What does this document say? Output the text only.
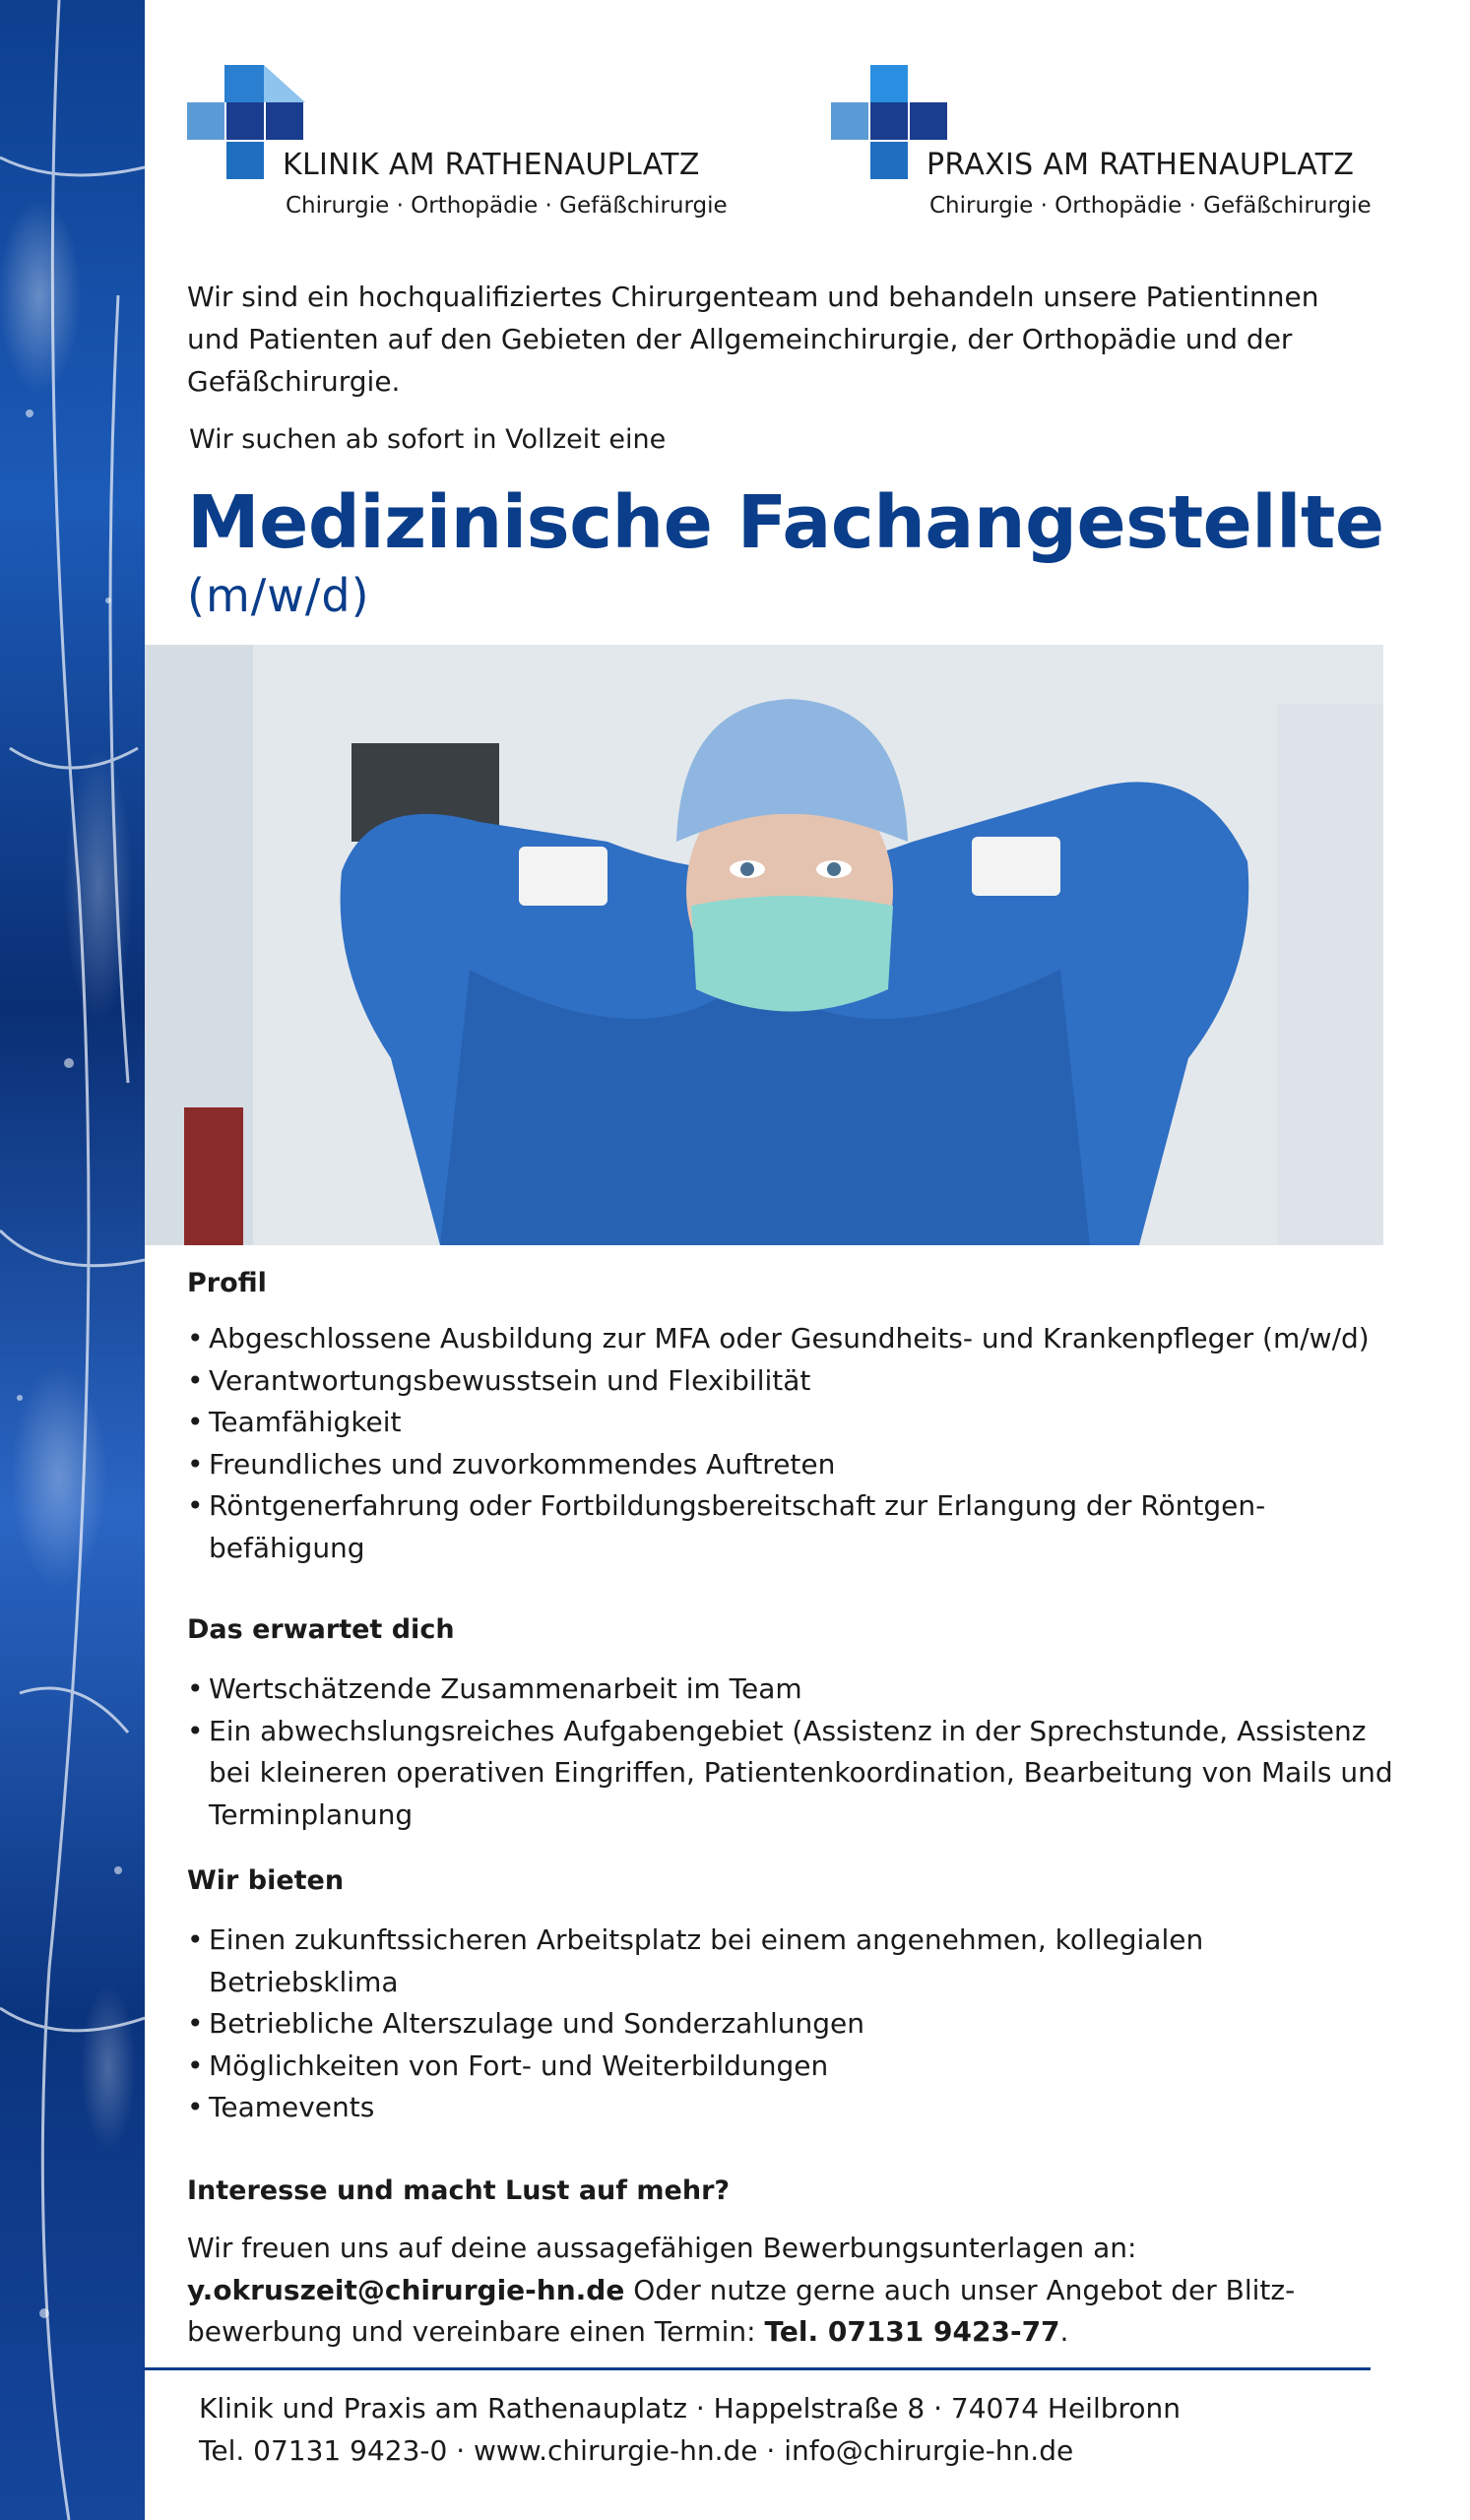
KLINIK AM RATHENAUPLATZ
Chirurgie · Orthopädie · Gefäßchirurgie
PRAXIS AM RATHENAUPLATZ
Chirurgie · Orthopädie · Gefäßchirurgie

Wir sind ein hochqualifiziertes Chirurgenteam und behandeln unsere Patientinnen und Patienten auf den Gebieten der Allgemeinchirurgie, der Orthopädie und der Gefäßchirurgie.

Wir suchen ab sofort in Vollzeit eine

Medizinische Fachangestellte
(m/w/d)
Profil
• Abgeschlossene Ausbildung zur MFA oder Gesundheits- und Krankenpfleger (m/w/d)
• Verantwortungsbewusstsein und Flexibilität
• Teamfähigkeit
• Freundliches und zuvorkommendes Auftreten
• Röntgenerfahrung oder Fortbildungsbereitschaft zur Erlangung der Röntgen-befähigung
Das erwartet dich
• Wertschätzende Zusammenarbeit im Team
• Ein abwechslungsreiches Aufgabengebiet (Assistenz in der Sprechstunde, Assistenz bei kleineren operativen Eingriffen, Patientenkoordination, Bearbeitung von Mails und Terminplanung
Wir bieten
• Einen zukunftssicheren Arbeitsplatz bei einem angenehmen, kollegialen Betriebsklima
• Betriebliche Alterszulage und Sonderzahlungen
• Möglichkeiten von Fort- und Weiterbildungen
• Teamevents
Interesse und macht Lust auf mehr?

Wir freuen uns auf deine aussagefähigen Bewerbungsunterlagen an:
y.okruszeit@chirurgie-hn.de Oder nutze gerne auch unser Angebot der Blitz-bewerbung und vereinbare einen Termin: Tel. 07131 9423-77.

Klinik und Praxis am Rathenauplatz · Happelstraße 8 · 74074 Heilbronn
Tel. 07131 9423-0 · www.chirurgie-hn.de · info@chirurgie-hn.de
